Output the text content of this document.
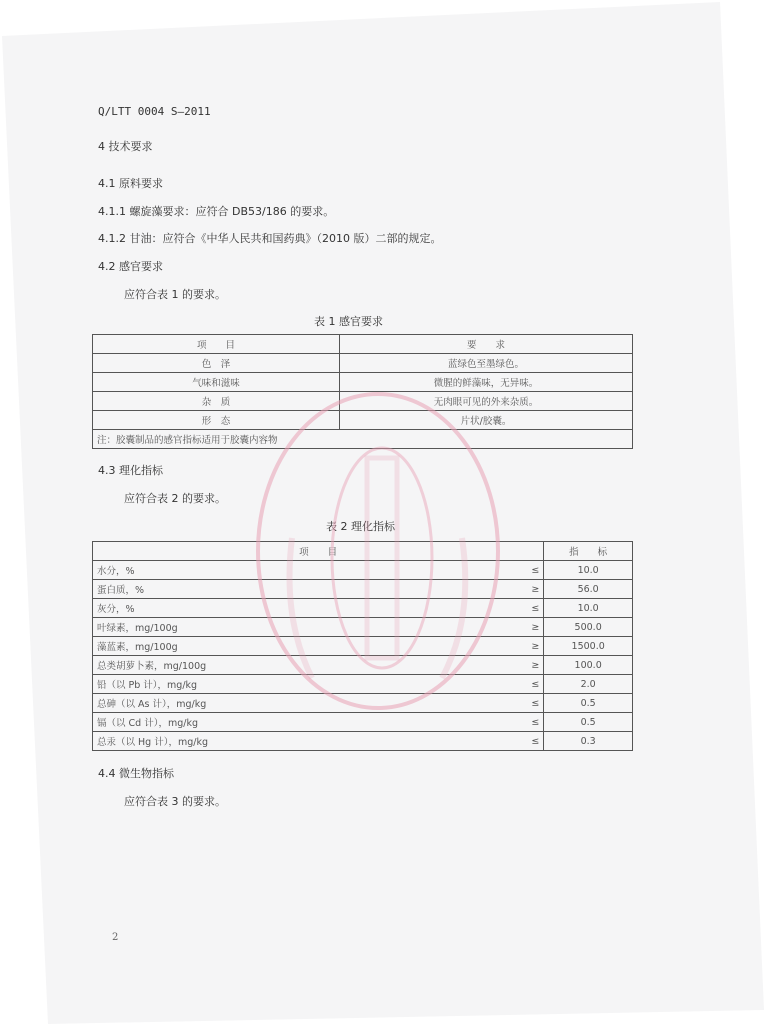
Q/LTT 0004 S—2011
4 技术要求
4.1 原料要求
4.1.1 螺旋藻要求：应符合 DB53/186 的要求。
4.1.2 甘油：应符合《中华人民共和国药典》（2010 版）二部的规定。
4.2 感官要求
应符合表 1 的要求。
表 1 感官要求
项　　目	要　　求
色　泽	蓝绿色至墨绿色。
气味和滋味	微腥的鲜藻味，无异味。
杂　质	无肉眼可见的外来杂质。
形　态	片状/胶囊。
注：胶囊制品的感官指标适用于胶囊内容物	
4.3 理化指标
应符合表 2 的要求。
表 2 理化指标
项　　目		指　　标
水分，%	≤	10.0
蛋白质，%	≥	56.0
灰分，%	≤	10.0
叶绿素，mg/100g	≥	500.0
藻蓝素，mg/100g	≥	1500.0
总类胡萝卜素，mg/100g	≥	100.0
铅（以 Pb 计），mg/kg	≤	2.0
总砷（以 As 计），mg/kg	≤	0.5
镉（以 Cd 计），mg/kg	≤	0.5
总汞（以 Hg 计），mg/kg	≤	0.3
4.4 微生物指标
应符合表 3 的要求。
2
